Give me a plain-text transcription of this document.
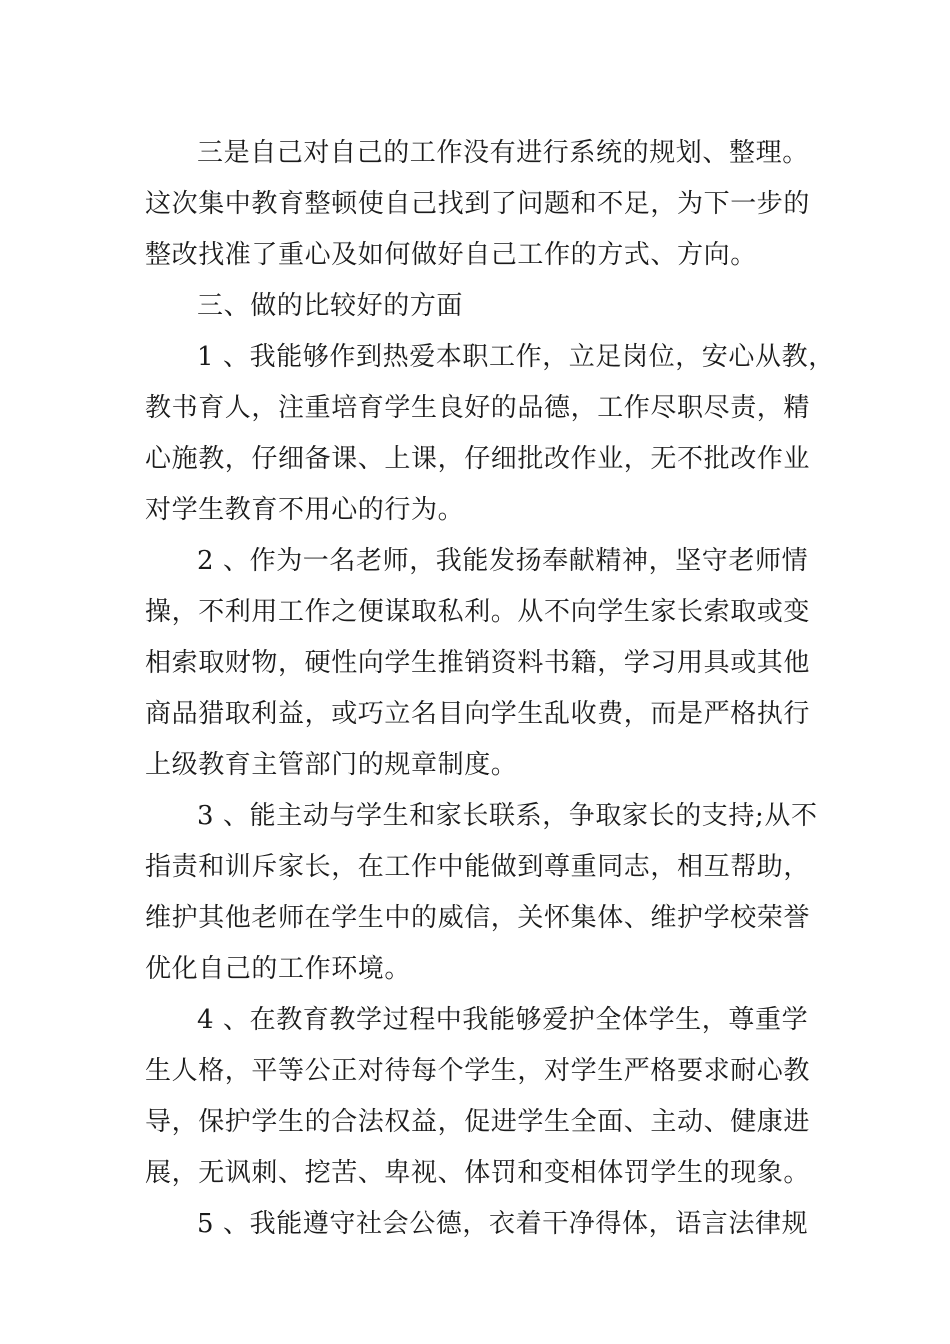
三是自己对自己的工作没有进行系统的规划、整理。
这次集中教育整顿使自己找到了问题和不足，为下一步的
整改找准了重心及如何做好自己工作的方式、方向。
三、做的比较好的方面
1 、我能够作到热爱本职工作，立足岗位，安心从教，
教书育人，注重培育学生良好的品德，工作尽职尽责，精
心施教，仔细备课、上课，仔细批改作业，无不批改作业
对学生教育不用心的行为。
2 、作为一名老师，我能发扬奉献精神，坚守老师情
操，不利用工作之便谋取私利。从不向学生家长索取或变
相索取财物，硬性向学生推销资料书籍，学习用具或其他
商品猎取利益，或巧立名目向学生乱收费，而是严格执行
上级教育主管部门的规章制度。
3 、能主动与学生和家长联系，争取家长的支持;从不
指责和训斥家长，在工作中能做到尊重同志，相互帮助，
维护其他老师在学生中的威信，关怀集体、维护学校荣誉
优化自己的工作环境。
4 、在教育教学过程中我能够爱护全体学生，尊重学
生人格，平等公正对待每个学生，对学生严格要求耐心教
导，保护学生的合法权益，促进学生全面、主动、健康进
展，无讽刺、挖苦、卑视、体罚和变相体罚学生的现象。
5 、我能遵守社会公德，衣着干净得体，语言法律规
